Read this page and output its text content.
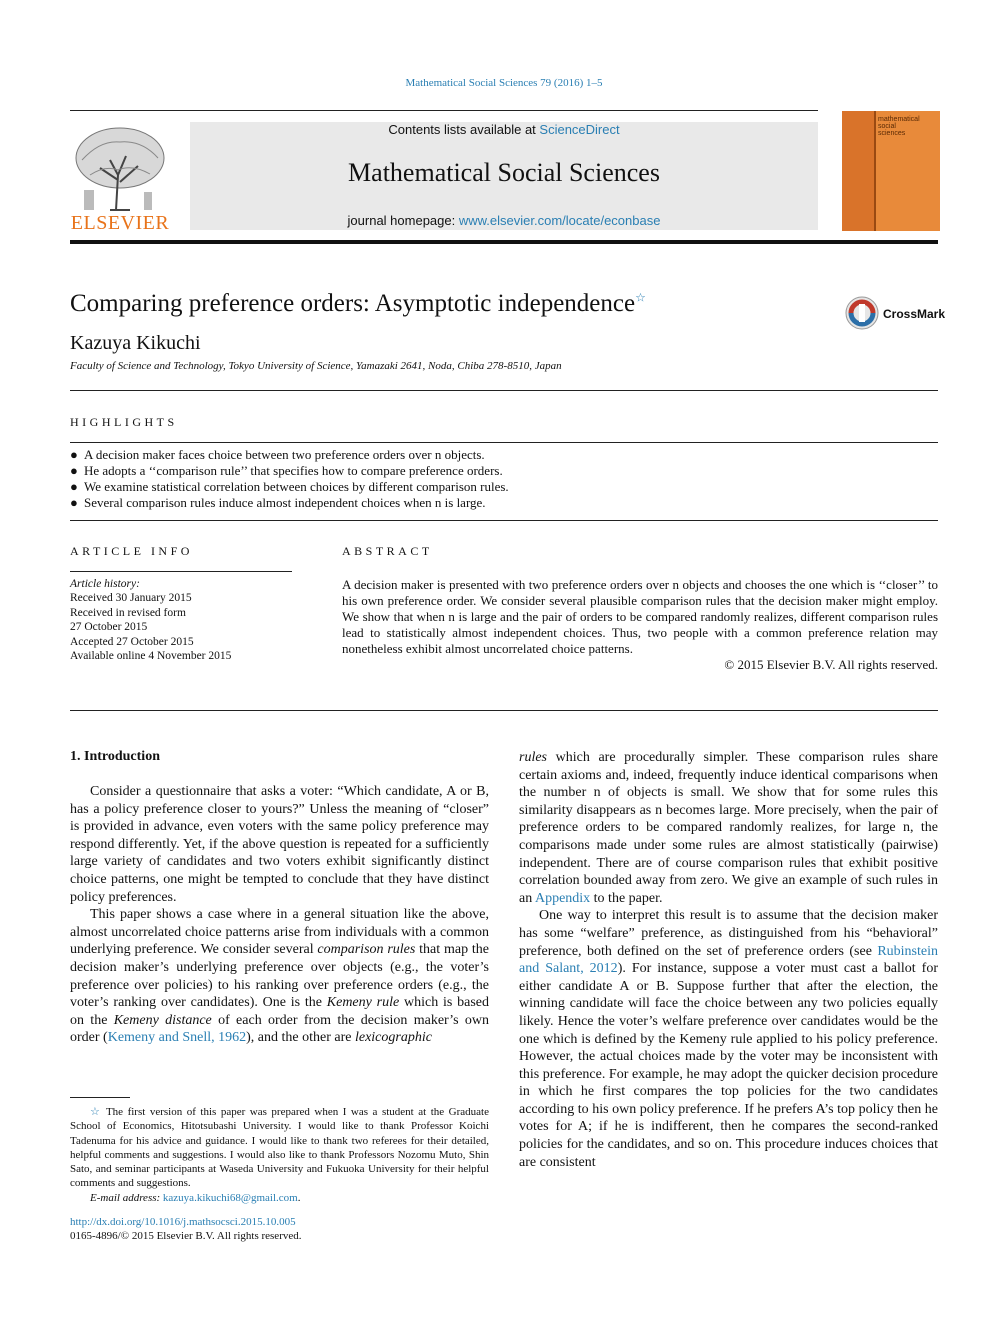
Mathematical Social Sciences 79 (2016) 1–5
ELSEVIER
Contents lists available at ScienceDirect
Mathematical Social Sciences
journal homepage: www.elsevier.com/locate/econbase
mathematical social sciences
Comparing preference orders: Asymptotic independence☆
CrossMark
Kazuya Kikuchi
Faculty of Science and Technology, Tokyo University of Science, Yamazaki 2641, Noda, Chiba 278-8510, Japan
HIGHLIGHTS
● A decision maker faces choice between two preference orders over n objects.
● He adopts a ‘‘comparison rule’’ that specifies how to compare preference orders.
● We examine statistical correlation between choices by different comparison rules.
● Several comparison rules induce almost independent choices when n is large.
ARTICLE INFO
Article history:
Received 30 January 2015
Received in revised form
27 October 2015
Accepted 27 October 2015
Available online 4 November 2015
ABSTRACT
A decision maker is presented with two preference orders over n objects and chooses the one which is ‘‘closer’’ to his own preference order. We consider several plausible comparison rules that the decision maker might employ. We show that when n is large and the pair of orders to be compared randomly realizes, different comparison rules lead to statistically almost independent choices. Thus, two people with a common preference relation may nonetheless exhibit almost uncorrelated choice patterns.
© 2015 Elsevier B.V. All rights reserved.
1. Introduction

Consider a questionnaire that asks a voter: “Which candidate, A or B, has a policy preference closer to yours?” Unless the meaning of “closer” is provided in advance, even voters with the same policy preference may respond differently. Yet, if the above question is repeated for a sufficiently large variety of candidates and two voters exhibit significantly distinct choice patterns, one might be tempted to conclude that they have distinct policy preferences.

This paper shows a case where in a general situation like the above, almost uncorrelated choice patterns arise from individuals with a common underlying preference. We consider several comparison rules that map the decision maker’s underlying preference over objects (e.g., the voter’s preference over policies) to his ranking over preference orders (e.g., the voter’s ranking over candidates). One is the Kemeny rule which is based on the Kemeny distance of each order from the decision maker’s own order (Kemeny and Snell, 1962), and the other are lexicographic

☆ The first version of this paper was prepared when I was a student at the Graduate School of Economics, Hitotsubashi University. I would like to thank Professor Koichi Tadenuma for his advice and guidance. I would like to thank two referees for their detailed, helpful comments and suggestions. I would also like to thank Professors Nozomu Muto, Shin Sato, and seminar participants at Waseda University and Fukuoka University for their helpful comments and suggestions.
E-mail address: kazuya.kikuchi68@gmail.com.
http://dx.doi.org/10.1016/j.mathsocsci.2015.10.005
0165-4896/© 2015 Elsevier B.V. All rights reserved.

rules which are procedurally simpler. These comparison rules share certain axioms and, indeed, frequently induce identical comparisons when the number n of objects is small. We show that for some rules this similarity disappears as n becomes large. More precisely, when the pair of preference orders to be compared randomly realizes, for large n, the comparisons made under some rules are almost statistically (pairwise) independent. There are of course comparison rules that exhibit positive correlation bounded away from zero. We give an example of such rules in an Appendix to the paper.

One way to interpret this result is to assume that the decision maker has some “welfare” preference, as distinguished from his “behavioral” preference, both defined on the set of preference orders (see Rubinstein and Salant, 2012). For instance, suppose a voter must cast a ballot for either candidate A or B. Suppose further that after the election, the winning candidate will face the choice between any two policies equally likely. Hence the voter’s welfare preference over candidates would be the one which is defined by the Kemeny rule applied to his policy preference. However, the actual choices made by the voter may be inconsistent with this preference. For example, he may adopt the quicker decision procedure in which he first compares the top policies for the two candidates according to his own policy preference. If he prefers A’s top policy then he votes for A; if he is indifferent, then he compares the second-ranked policies for the candidates, and so on. This procedure induces choices that are consistent
